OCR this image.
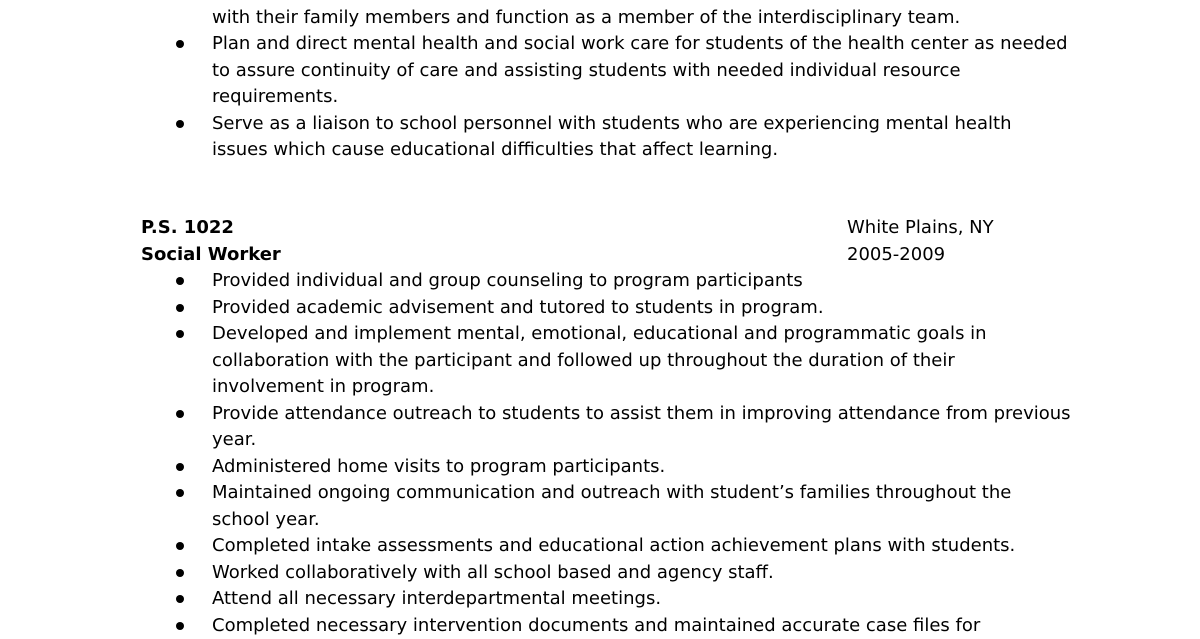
with their family members and function as a member of the interdisciplinary team.
Plan and direct mental health and social work care for students of the health center as needed to assure continuity of care and assisting students with needed individual resource requirements.
Serve as a liaison to school personnel with students who are experiencing mental health issues which cause educational difficulties that affect learning.
P.S. 1022
Social Worker
White Plains, NY
2005-2009
Provided individual and group counseling to program participants
Provided academic advisement and tutored to students in program.
Developed and implement mental, emotional, educational and programmatic goals in collaboration with the participant and followed up throughout the duration of their involvement in program.
Provide attendance outreach to students to assist them in improving attendance from previous year.
Administered home visits to program participants.
Maintained ongoing communication and outreach with student’s families throughout the school year.
Completed intake assessments and educational action achievement plans with students.
Worked collaboratively with all school based and agency staff.
Attend all necessary interdepartmental meetings.
Completed necessary intervention documents and maintained accurate case files for
